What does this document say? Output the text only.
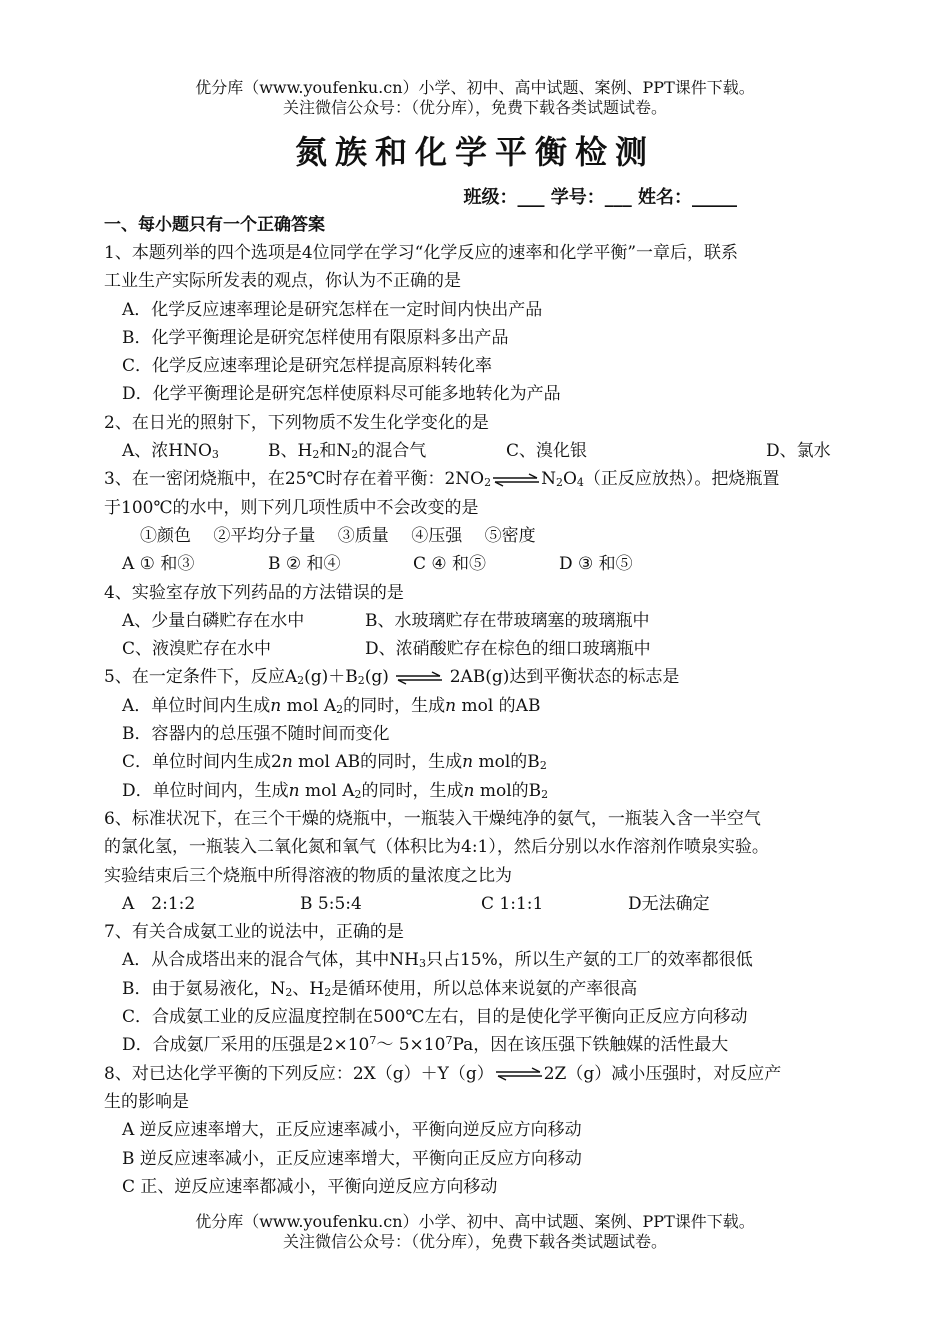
优分库（www.youfenku.cn）小学、初中、高中试题、案例、PPT课件下载。
关注微信公众号：（优分库），免费下载各类试题试卷。
氮族和化学平衡检测
班级：___ 学号：___ 姓名：_____
一、每小题只有一个正确答案
1、本题列举的四个选项是4位同学在学习“化学反应的速率和化学平衡”一章后，联系
工业生产实际所发表的观点，你认为不正确的是
A．化学反应速率理论是研究怎样在一定时间内快出产品
B．化学平衡理论是研究怎样使用有限原料多出产品
C．化学反应速率理论是研究怎样提高原料转化率
D．化学平衡理论是研究怎样使原料尽可能多地转化为产品
2、在日光的照射下，下列物质不发生化学变化的是
A、浓$HNO_3$	B、$H_2$和$N_2$的混合气	C、溴化银	D、氯水
3、在一密闭烧瓶中，在25℃时存在着平衡：$2NO_2\rightleftharpoons N_2O_4$（正反应放热）。把烧瓶置
于100℃的水中，则下列几项性质中不会改变的是
①颜色　 ②平均分子量　 ③质量　 ④压强　 ⑤密度
A ① 和③	B ② 和④	C ④ 和⑤	D ③ 和⑤
4、实验室存放下列药品的方法错误的是
A、少量白磷贮存在水中	B、水玻璃贮存在带玻璃塞的玻璃瓶中
C、液溴贮存在水中	D、浓硝酸贮存在棕色的细口玻璃瓶中
5、在一定条件下，反应$A_2(g)+B_2(g)$ ⇌ 2AB(g)达到平衡状态的标志是
A．单位时间内生成n mol $A_2$的同时，生成n mol 的AB
B．容器内的总压强不随时间而变化
C．单位时间内生成2n mol AB的同时，生成n mol的$B_2$
D．单位时间内，生成n mol $A_2$的同时，生成n mol的$B_2$
6、标准状况下，在三个干燥的烧瓶中，一瓶装入干燥纯净的氨气，一瓶装入含一半空气
的氯化氢，一瓶装入二氧化氮和氧气（体积比为4:1），然后分别以水作溶剂作喷泉实验。
实验结束后三个烧瓶中所得溶液的物质的量浓度之比为
A　2:1:2	B 5:5:4	C 1:1:1	D无法确定
7、有关合成氨工业的说法中，正确的是
A．从合成塔出来的混合气体，其中$NH_3$只占15%，所以生产氨的工厂的效率都很低
B．由于氨易液化，$N_2$、$H_2$是循环使用，所以总体来说氨的产率很高
C．合成氨工业的反应温度控制在500℃左右，目的是使化学平衡向正反应方向移动
D．合成氨厂采用的压强是$2\times 10^7\sim$ $5\times 10^7Pa$，因在该压强下铁触媒的活性最大
8、对已达化学平衡的下列反应：2X（g）＋Y（g）⇌2Z（g）减小压强时，对反应产
生的影响是
A 逆反应速率增大，正反应速率减小，平衡向逆反应方向移动
B 逆反应速率减小，正反应速率增大，平衡向正反应方向移动
C 正、逆反应速率都减小，平衡向逆反应方向移动
优分库（www.youfenku.cn）小学、初中、高中试题、案例、PPT课件下载。
关注微信公众号：（优分库），免费下载各类试题试卷。
